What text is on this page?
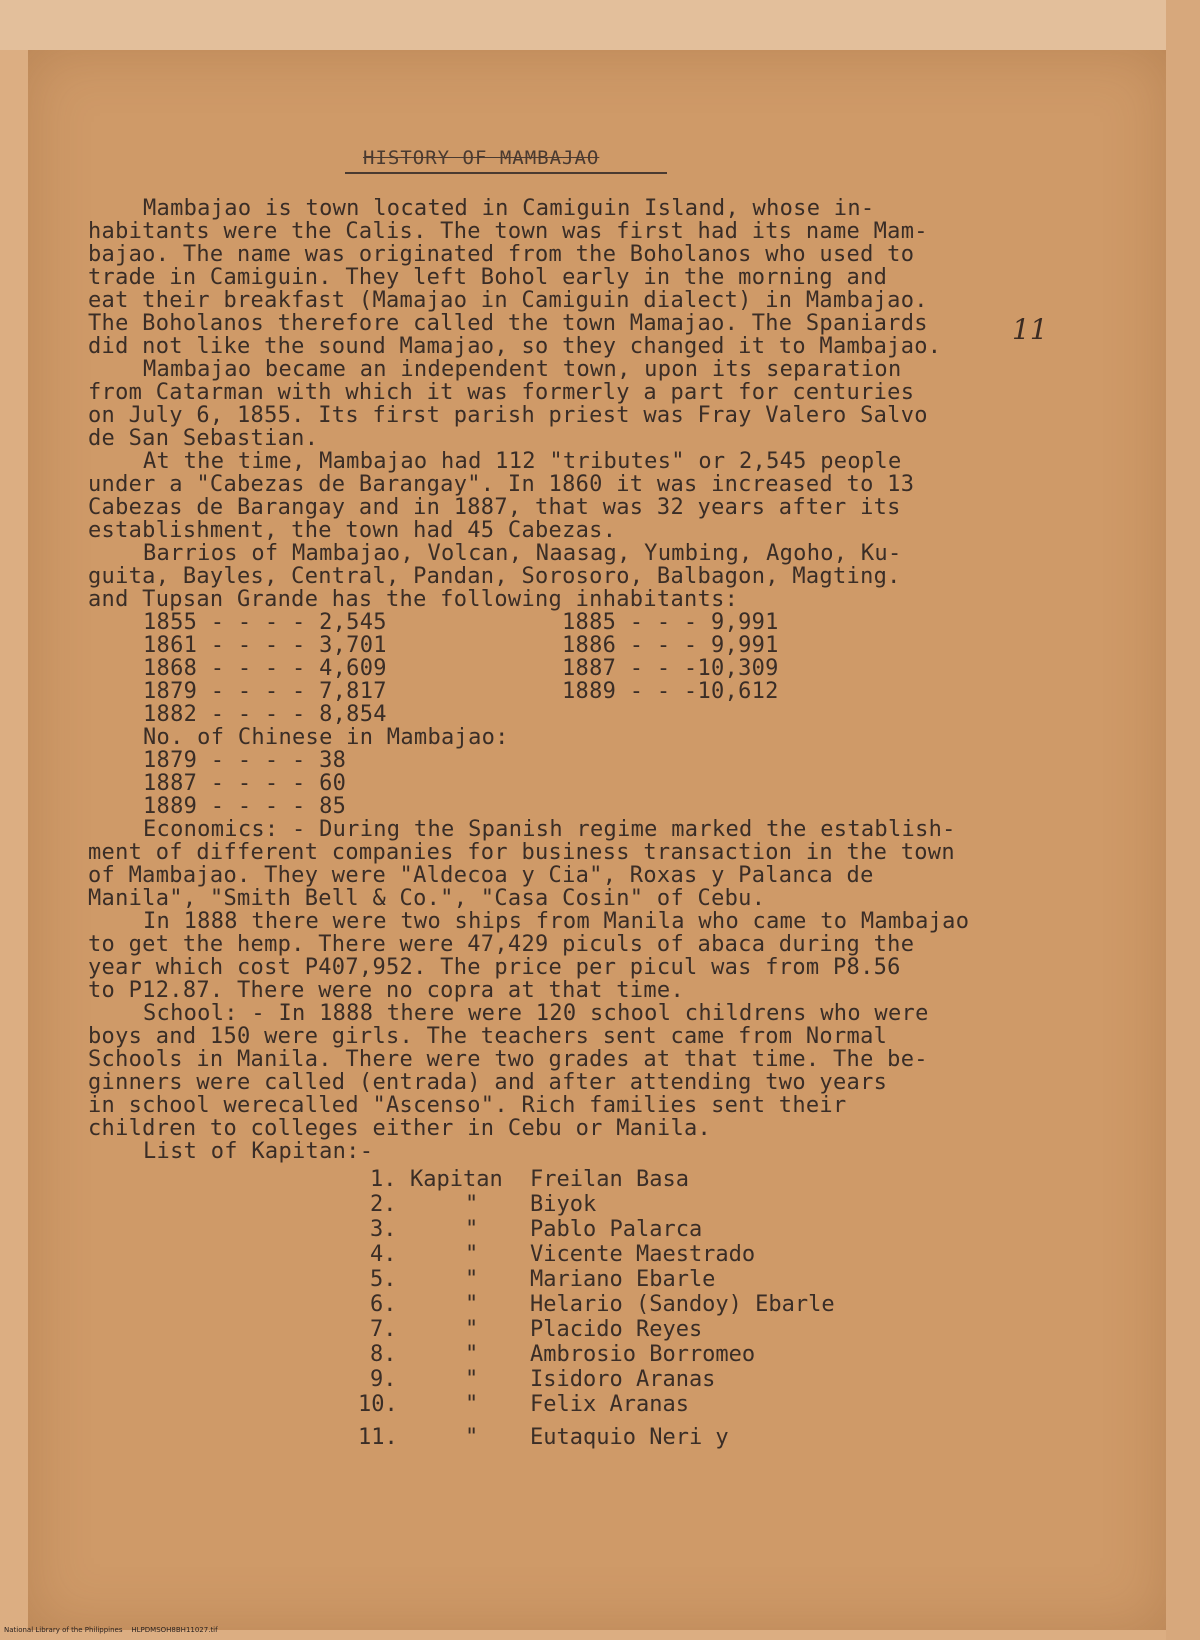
HISTORY OF MAMBAJAO
11
Mambajao is town located in Camiguin Island, whose in-
habitants were the Calis. The town was first had its name Mam-
bajao. The name was originated from the Boholanos who used to
trade in Camiguin. They left Bohol early in the morning and
eat their breakfast (Mamajao in Camiguin dialect) in Mambajao.
The Boholanos therefore called the town Mamajao. The Spaniards
did not like the sound Mamajao, so they changed it to Mambajao.
Mambajao became an independent town, upon its separation
from Catarman with which it was formerly a part for centuries
on July 6, 1855. Its first parish priest was Fray Valero Salvo
de San Sebastian.
At the time, Mambajao had 112 "tributes" or 2,545 people
under a "Cabezas de Barangay". In 1860 it was increased to 13
Cabezas de Barangay and in 1887, that was 32 years after its
establishment, the town had 45 Cabezas.
Barrios of Mambajao, Volcan, Naasag, Yumbing, Agoho, Ku-
guita, Bayles, Central, Pandan, Sorosoro, Balbagon, Magting.
and Tupsan Grande has the following inhabitants:
1855 - - - - 2,545
1861 - - - - 3,701
1868 - - - - 4,609
1879 - - - - 7,817
1882 - - - - 8,854
1885 - - - 9,991
1886 - - - 9,991
1887 - - -10,309
1889 - - -10,612
No. of Chinese in Mambajao:
1879 - - - - 38
1887 - - - - 60
1889 - - - - 85
Economics: - During the Spanish regime marked the establish-
ment of different companies for business transaction in the town
of Mambajao. They were "Aldecoa y Cia", Roxas y Palanca de
Manila", "Smith Bell & Co.", "Casa Cosin" of Cebu.
In 1888 there were two ships from Manila who came to Mambajao
to get the hemp. There were 47,429 piculs of abaca during the
year which cost P407,952. The price per picul was from P8.56
to P12.87. There were no copra at that time.
School: - In 1888 there were 120 school childrens who were
boys and 150 were girls. The teachers sent came from Normal
Schools in Manila. There were two grades at that time. The be-
ginners were called (entrada) and after attending two years
in school werecalled "Ascenso". Rich families sent their
children to colleges either in Cebu or Manila.
List of Kapitan:-
1. Kapitan Freilan Basa
2.	" Biyok
3.	" Pablo Palarca
4.	" Vicente Maestrado
5.	" Mariano Ebarle
6.	" Helario (Sandoy) Ebarle
7.	" Placido Reyes
8.	" Ambrosio Borromeo
9.	" Isidoro Aranas
10.	" Felix Aranas
11.	" Eutaquio Neri y
National Library of the Philippines    HLPDMSOH8BH11027.tif
